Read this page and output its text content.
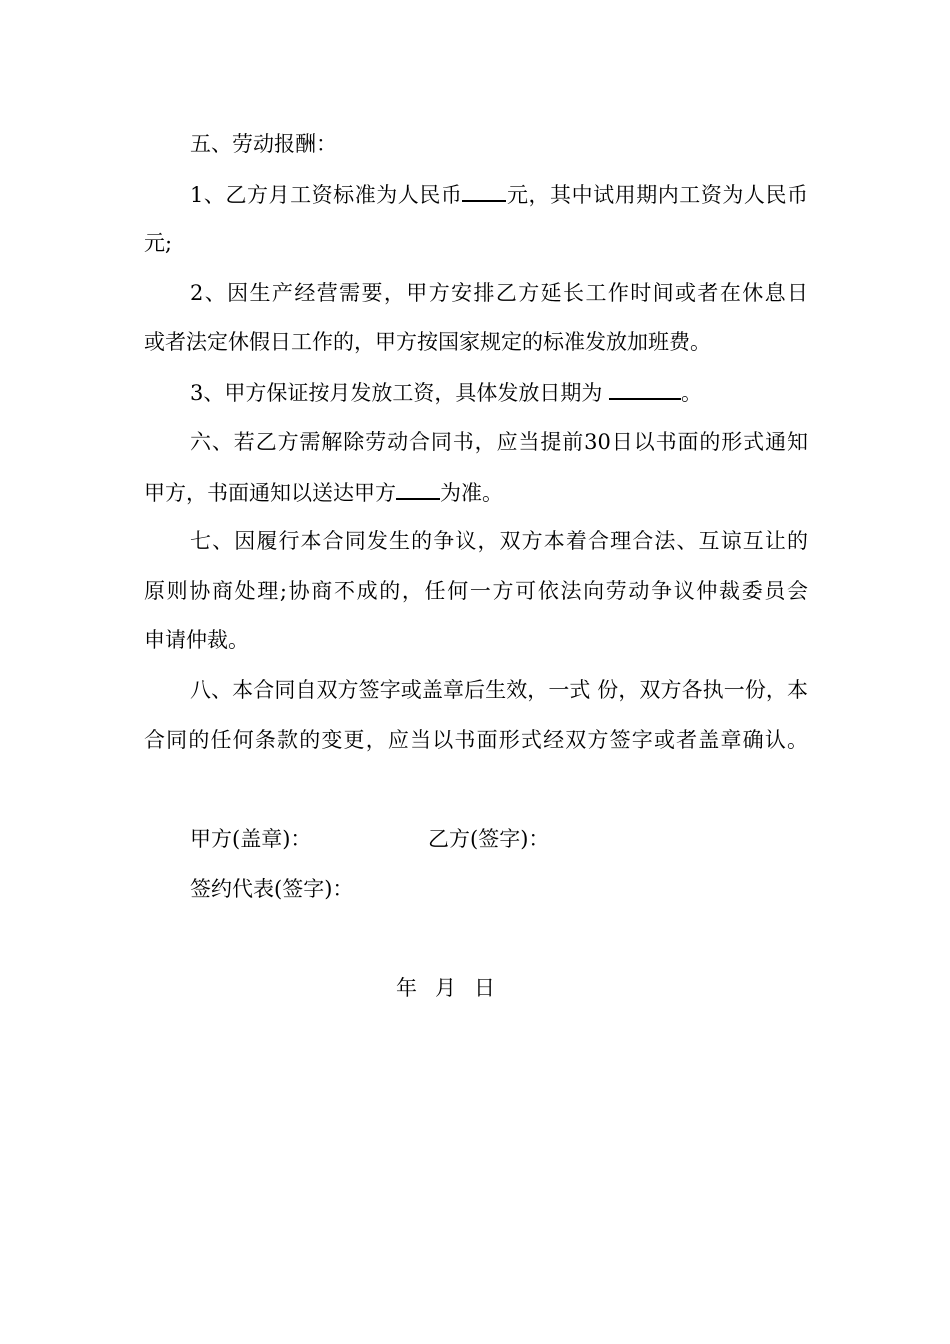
五、劳动报酬：
1、乙方月工资标准为人民币 元，其中试用期内工资为人民币
元;
2、因生产经营需要，甲方安排乙方延长工作时间或者在休息日
或者法定休假日工作的，甲方按国家规定的标准发放加班费。
3、甲方保证按月发放工资，具体发放日期为	。
六、若乙方需解除劳动合同书，应当提前30日以书面的形式通知
甲方，书面通知以送达甲方 为准。
七、因履行本合同发生的争议，双方本着合理合法、互谅互让的
原则协商处理;协商不成的，任何一方可依法向劳动争议仲裁委员会
申请仲裁。
八、本合同自双方签字或盖章后生效，一式 份，双方各执一份，本
合同的任何条款的变更，应当以书面形式经双方签字或者盖章确认。
甲方(盖章)：	乙方(签字)：
签约代表(签字)：
年 月 日
